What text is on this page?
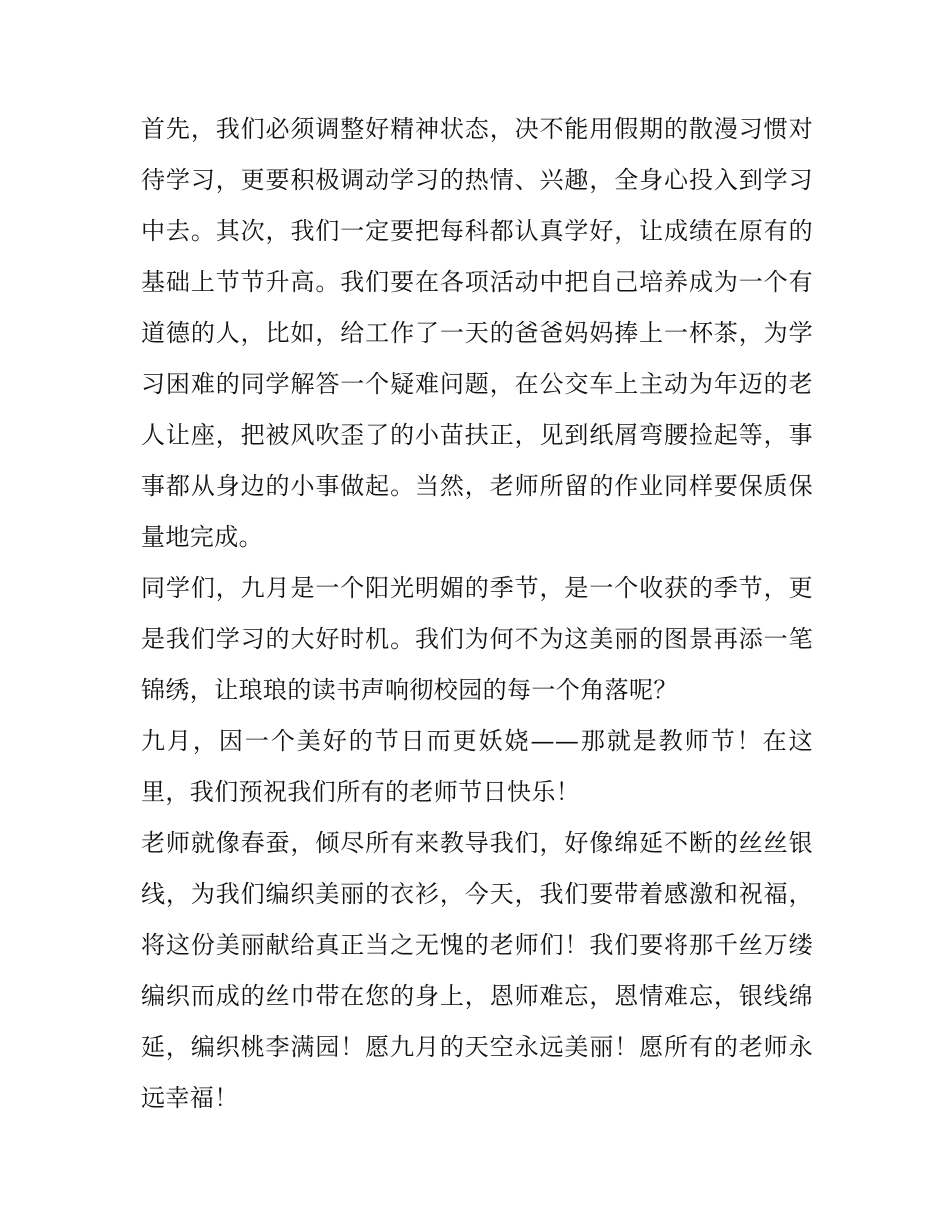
首先，我们必须调整好精神状态，决不能用假期的散漫习惯对待学习，更要积极调动学习的热情、兴趣，全身心投入到学习中去。其次，我们一定要把每科都认真学好，让成绩在原有的基础上节节升高。我们要在各项活动中把自己培养成为一个有道德的人，比如，给工作了一天的爸爸妈妈捧上一杯茶，为学习困难的同学解答一个疑难问题，在公交车上主动为年迈的老人让座，把被风吹歪了的小苗扶正，见到纸屑弯腰捡起等，事事都从身边的小事做起。当然，老师所留的作业同样要保质保量地完成。

同学们，九月是一个阳光明媚的季节，是一个收获的季节，更是我们学习的大好时机。我们为何不为这美丽的图景再添一笔锦绣，让琅琅的读书声响彻校园的每一个角落呢？

九月，因一个美好的节日而更妖娆——那就是教师节！在这里，我们预祝我们所有的老师节日快乐！

老师就像春蚕，倾尽所有来教导我们，好像绵延不断的丝丝银线，为我们编织美丽的衣衫，今天，我们要带着感激和祝福，将这份美丽献给真正当之无愧的老师们！我们要将那千丝万缕编织而成的丝巾带在您的身上，恩师难忘，恩情难忘，银线绵延，编织桃李满园！愿九月的天空永远美丽！愿所有的老师永远幸福！
